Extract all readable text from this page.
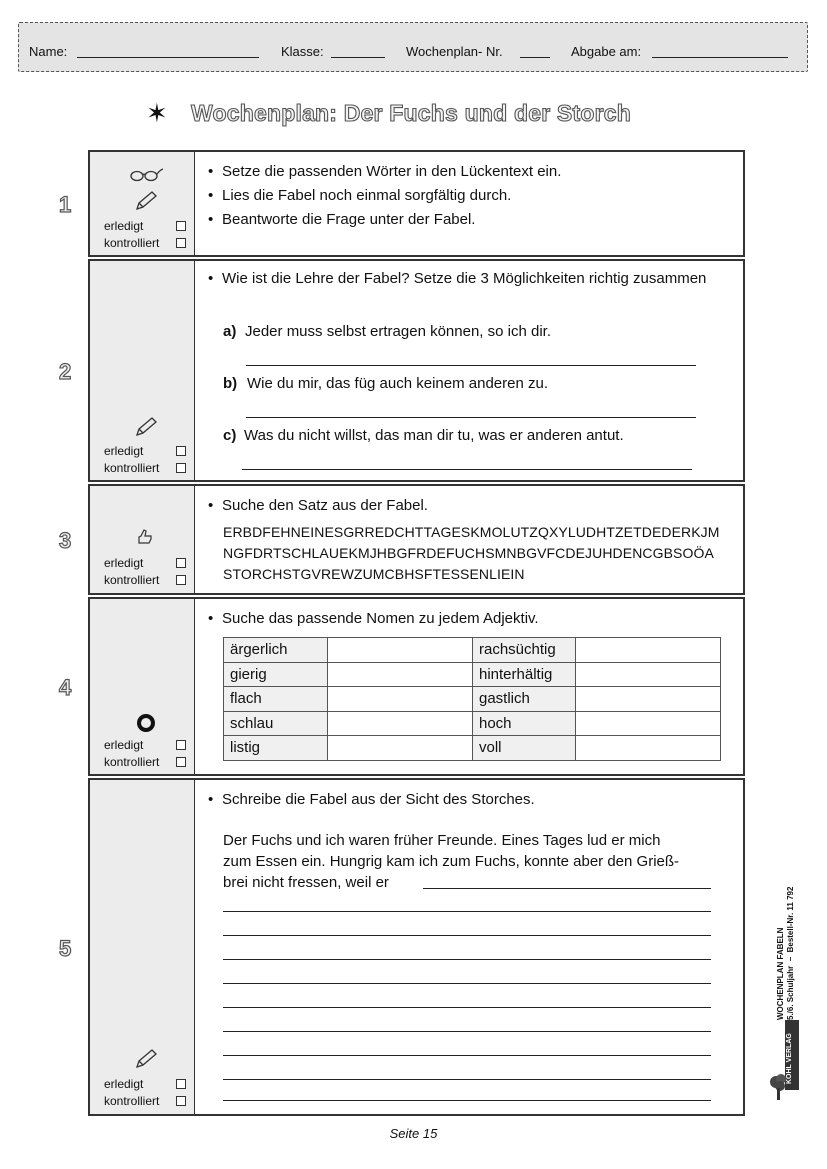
Name:	Klasse:	Wochenplan- Nr.	Abgabe am:
✶ Wochenplan: Der Fuchs und der Storch
erledigt
kontrolliert
• Setze die passenden Wörter in den Lückentext ein.
• Lies die Fabel noch einmal sorgfältig durch.
• Beantworte die Frage unter der Fabel.
1
erledigt
kontrolliert
• Wie ist die Lehre der Fabel? Setze die 3 Möglichkeiten richtig zusammen
a) Jeder muss selbst ertragen können, so ich dir.
b) Wie du mir, das füg auch keinem anderen zu.
c) Was du nicht willst, das man dir tu, was er anderen antut.
2
erledigt
kontrolliert
• Suche den Satz aus der Fabel.
ERBDFEHNEINESGRREDCHTTAGESKMOLUTZQXYLUDHTZETDEDERKJM
NGFDRTSCHLAUEKMJHBGFRDEFUCHSMNBGVFCDEJUHDENCGBSOÖA
STORCHSTGVREWZUMCBHSFTESSENLIEIN
3
erledigt
kontrolliert
• Suche das passende Nomen zu jedem Adjektiv.
ärgerlich		rachsüchtig	
gierig		hinterhältig	
flach		gastlich	
schlau		hoch	
listig		voll	
4
erledigt
kontrolliert
• Schreibe die Fabel aus der Sicht des Storches.
Der Fuchs und ich waren früher Freunde. Eines Tages lud er mich
zum Essen ein. Hungrig kam ich zum Fuchs, konnte aber den Grieß-
brei nicht fressen, weil er
5	WOCHENPLAN FABELN 5./6. Schuljahr  –  Bestell-Nr. 11 792
KOHL VERLAG
Seite 15
